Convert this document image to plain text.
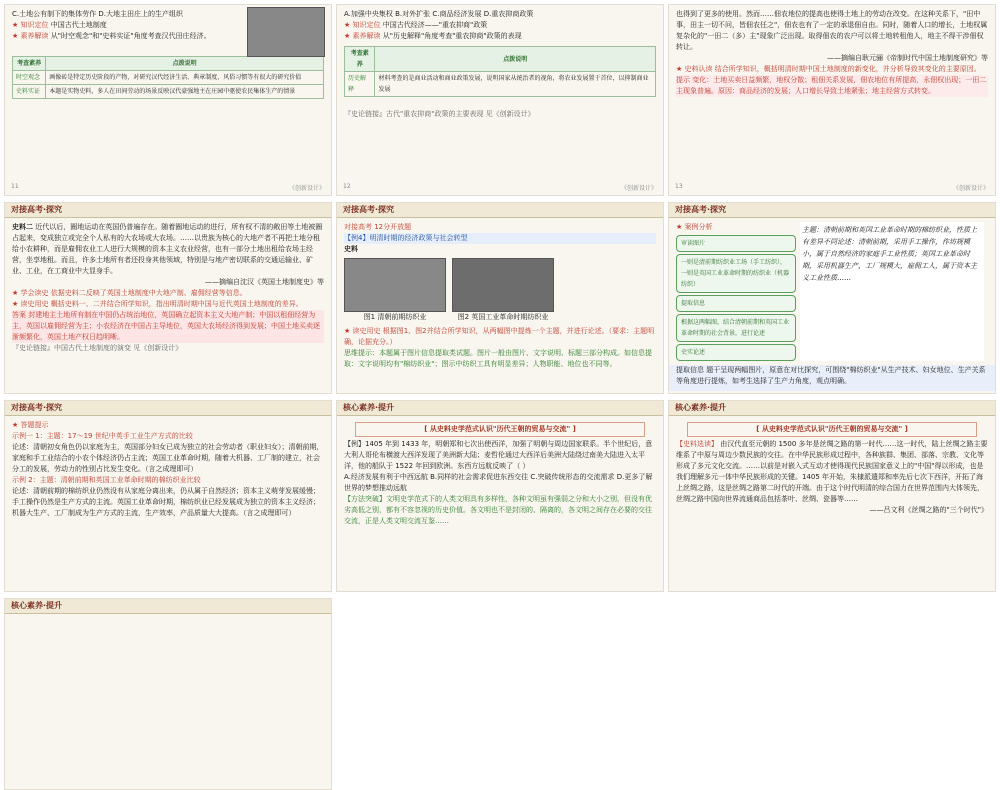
C.土地公有制下的集体劳作 D.大地主田庄上的生产组织
★ 知识定位 中国古代土地制度
★ 素养解读 从"时空观念"和"史料实证"角度考查汉代田庄经济。
考查素养	点拨说明
时空观念	画像砖是特定历史阶段的产物，对研究汉代经济生活、典章制度、风俗习惯等有很大的研究价值
史料实证	本题是实物史料，多人在田间劳动的场景反映汉代豪强地主在庄园中驱使农民集体生产的情景
11	《创新设计》
A.加强中央集权 B.对外扩张 C.商品经济发展 D.重农抑商政策
★ 知识定位 中国古代经济——"重农抑商"政策
★ 素养解读 从"历史解释"角度考查"重农抑商"政策的表现
考查素养	点拨说明
历史解释	材料考查的是商业活动和商业政策发展，说明国家从统治者的视角，将农业发展置于首位，以抑制商业发展
『史论链接』古代"重农抑商"政策的主要表现 见《创新设计》
12	《创新设计》
也得到了更多的使用。然而……佃农地位的提高也使得土地上的劳动在改变。在这种关系下，"田中事，田主一切不问，皆佃农任之"，佃农也有了一定的承退佃自由。同时，随着人口的增长，土地权属复杂化的"一田二（多）主"现象广泛出现。取得佃农的农户可以将土地转租他人，地主不得干涉佃权转让。
——摘编自耿元骊《帝制时代中国土地制度研究》等
★ 史料认读 结合所学知识，概括明清时期中国土地制度的新变化，并分析导致其变化的主要原因。
提示 变化：土地买卖日益频繁，地权分散；租佃关系发展，佃农地位有所提高，永佃权出现；一田二主现象普遍。原因：商品经济的发展；人口增长导致土地紧张；地主经营方式转变。
13	《创新设计》
对接高考·探究
史料二 近代以后，圈地运动在英国仍普遍存在。随着圈地运动的进行，所有权不清的敞田等土地被圈占起来，变成独立或完全个人私有的大农场或大农场。……以贵族为核心的大地产者不再把土地分租给小农耕种，而是雇佣农业工人进行大规模的资本主义农业经营，也有一部分土地出租给农场主经营，坐享地租。而且，许多土地所有者还投身其他领域，特别是与地产密切联系的交通运输业、矿业、工业，在工商业中大显身手。
——摘编自沈汉《英国土地制度史》等
★ 学会读史 依据史料二反映了英国土地制度中大地产制、雇佣经营等信息。
★ 读史用史 概括史料一、二并结合所学知识，指出明清时期中国与近代英国土地制度的差异。
答案 封建地主土地所有制在中国仍占统治地位，英国确立起资本主义大地产制；中国以租佃经营为主，英国以雇佣经营为主；小农经济在中国占主导地位，英国大农场经济得到发展；中国土地买卖逐渐频繁化，英国土地产权日趋明晰。
『史论链接』中国古代土地制度的演变 见《创新设计》
对接高考·探究
对接高考 12分开放题
【例4】明清时期的经济政策与社会转型
史料
图1 清朝前期纺织业	图2 英国工业革命时期纺织业
★ 读史用史 根据图1、图2并结合所学知识，从两幅图中提炼一个主题，并进行论述。（要求：主题明确，论据充分。）
思维提示：本题属于图片信息提取类试题。图片一般由图片、文字说明、标题三部分构成。如信息提取：文字说明均有"棉纺织业"；图示中纺织工具有明显差异；人物职能、地位也不同等。
对接高考·探究
★ 案例分析
审读图片
一则是清前期纺织业工场（手工纺织），一则是英国工业革命时期的纺织业（机器纺织）
提取信息
根据这两幅图，结合清朝前期和英国工业革命时期的社会背景，进行论述
史实论述
主题：清朝前期和英国工业革命时期的棉纺织业，性质上有差异不同论述：清朝前期，采用手工操作，作坊规模小，属于自然经济的家庭手工业性质；英国工业革命时期，采用机器生产，工厂规模大，雇佣工人，属于资本主义工业性质……
提取信息 题干呈现两幅图片，原意在对比探究，可围绕"棉纺织业"从生产技术、妇女地位、生产关系等角度进行提炼，如考生选择了生产力角度，观点明确。
对接高考·探究
★ 答题提示
示例一 1：主题：17～19 世纪中英手工业生产方式的比较
论述：清朝初女角色仍以家庭为主，英国部分妇女已成为独立的社会劳动者（职业妇女）；清朝前期，家庭和手工业结合的小农个体经济仍占主流；英国工业革命时期，随着大机器、工厂制的建立，社会分工的发展，劳动力的性别占比发生变化。（言之成理即可）
示例 2：主题：清朝前期和英国工业革命时期的棉纺织业比较
论述：清朝前期的棉纺织业仍然没有从家庭分离出来，仍从属于自然经济；资本主义萌芽发展缓慢；手工操作仍然是生产方式的主流。英国工业革命时期，棉纺织业已经发展成为独立的资本主义经济；机器大生产、工厂制成为生产方式的主流，生产效率，产品质量大大提高。（言之成理即可）
核心素养·提升
[ 从史料史学范式认识"历代王朝的贸易与交流" ]
【例】1405 年到 1433 年，明朝郑和七次出使西洋，加强了明朝与周边国家联系。半个世纪后，意大利人哥伦布横渡大西洋发现了美洲新大陆；麦哲伦通过大西洋后美洲大陆绕过南美大陆进入太平洋，他的船队于 1522 年回到欧洲。东西方远航反映了（ ）
A.经济发展有利于中西远航 B.同样的社会需求促进东西交往 C.突破传统形态的交流需求 D.更多了解世界的梦想推动远航
【方法突破】文明史学范式下的人类文明具有多样性，各种文明虽有强弱之分和大小之别，但没有优劣高低之别，都有不容忽视的历史价值。各文明也不是封闭的、隔离的，各文明之间存在必要的交往交流，正是人类文明交流互鉴……
核心素养·提升
[ 从史料史学范式认识"历代王朝的贸易与交流" ]
【史料选读】 由汉代直至元朝的 1500 多年是丝绸之路的第一时代……这一时代，陆上丝绸之路主要维系了中原与周边少数民族的交往。在中华民族形成过程中，各种族群、集团、部落、宗教、文化等形成了多元文化交流。……以前是对嵌入式互动才使得现代民族国家意义上的"中国"得以形成，也是我们理解多元一体中华民族形成的关键。1405 年开始，朱棣派遣郑和率先后七次下西洋，开拓了海上丝绸之路，这是丝绸之路第二时代的开端。由于这个时代明清的综合国力在世界范围内大体领先，丝绸之路中国向世界流通商品包括茶叶、丝绸、瓷器等……
——吕文利《丝绸之路的"三个时代"》
核心素养·提升
